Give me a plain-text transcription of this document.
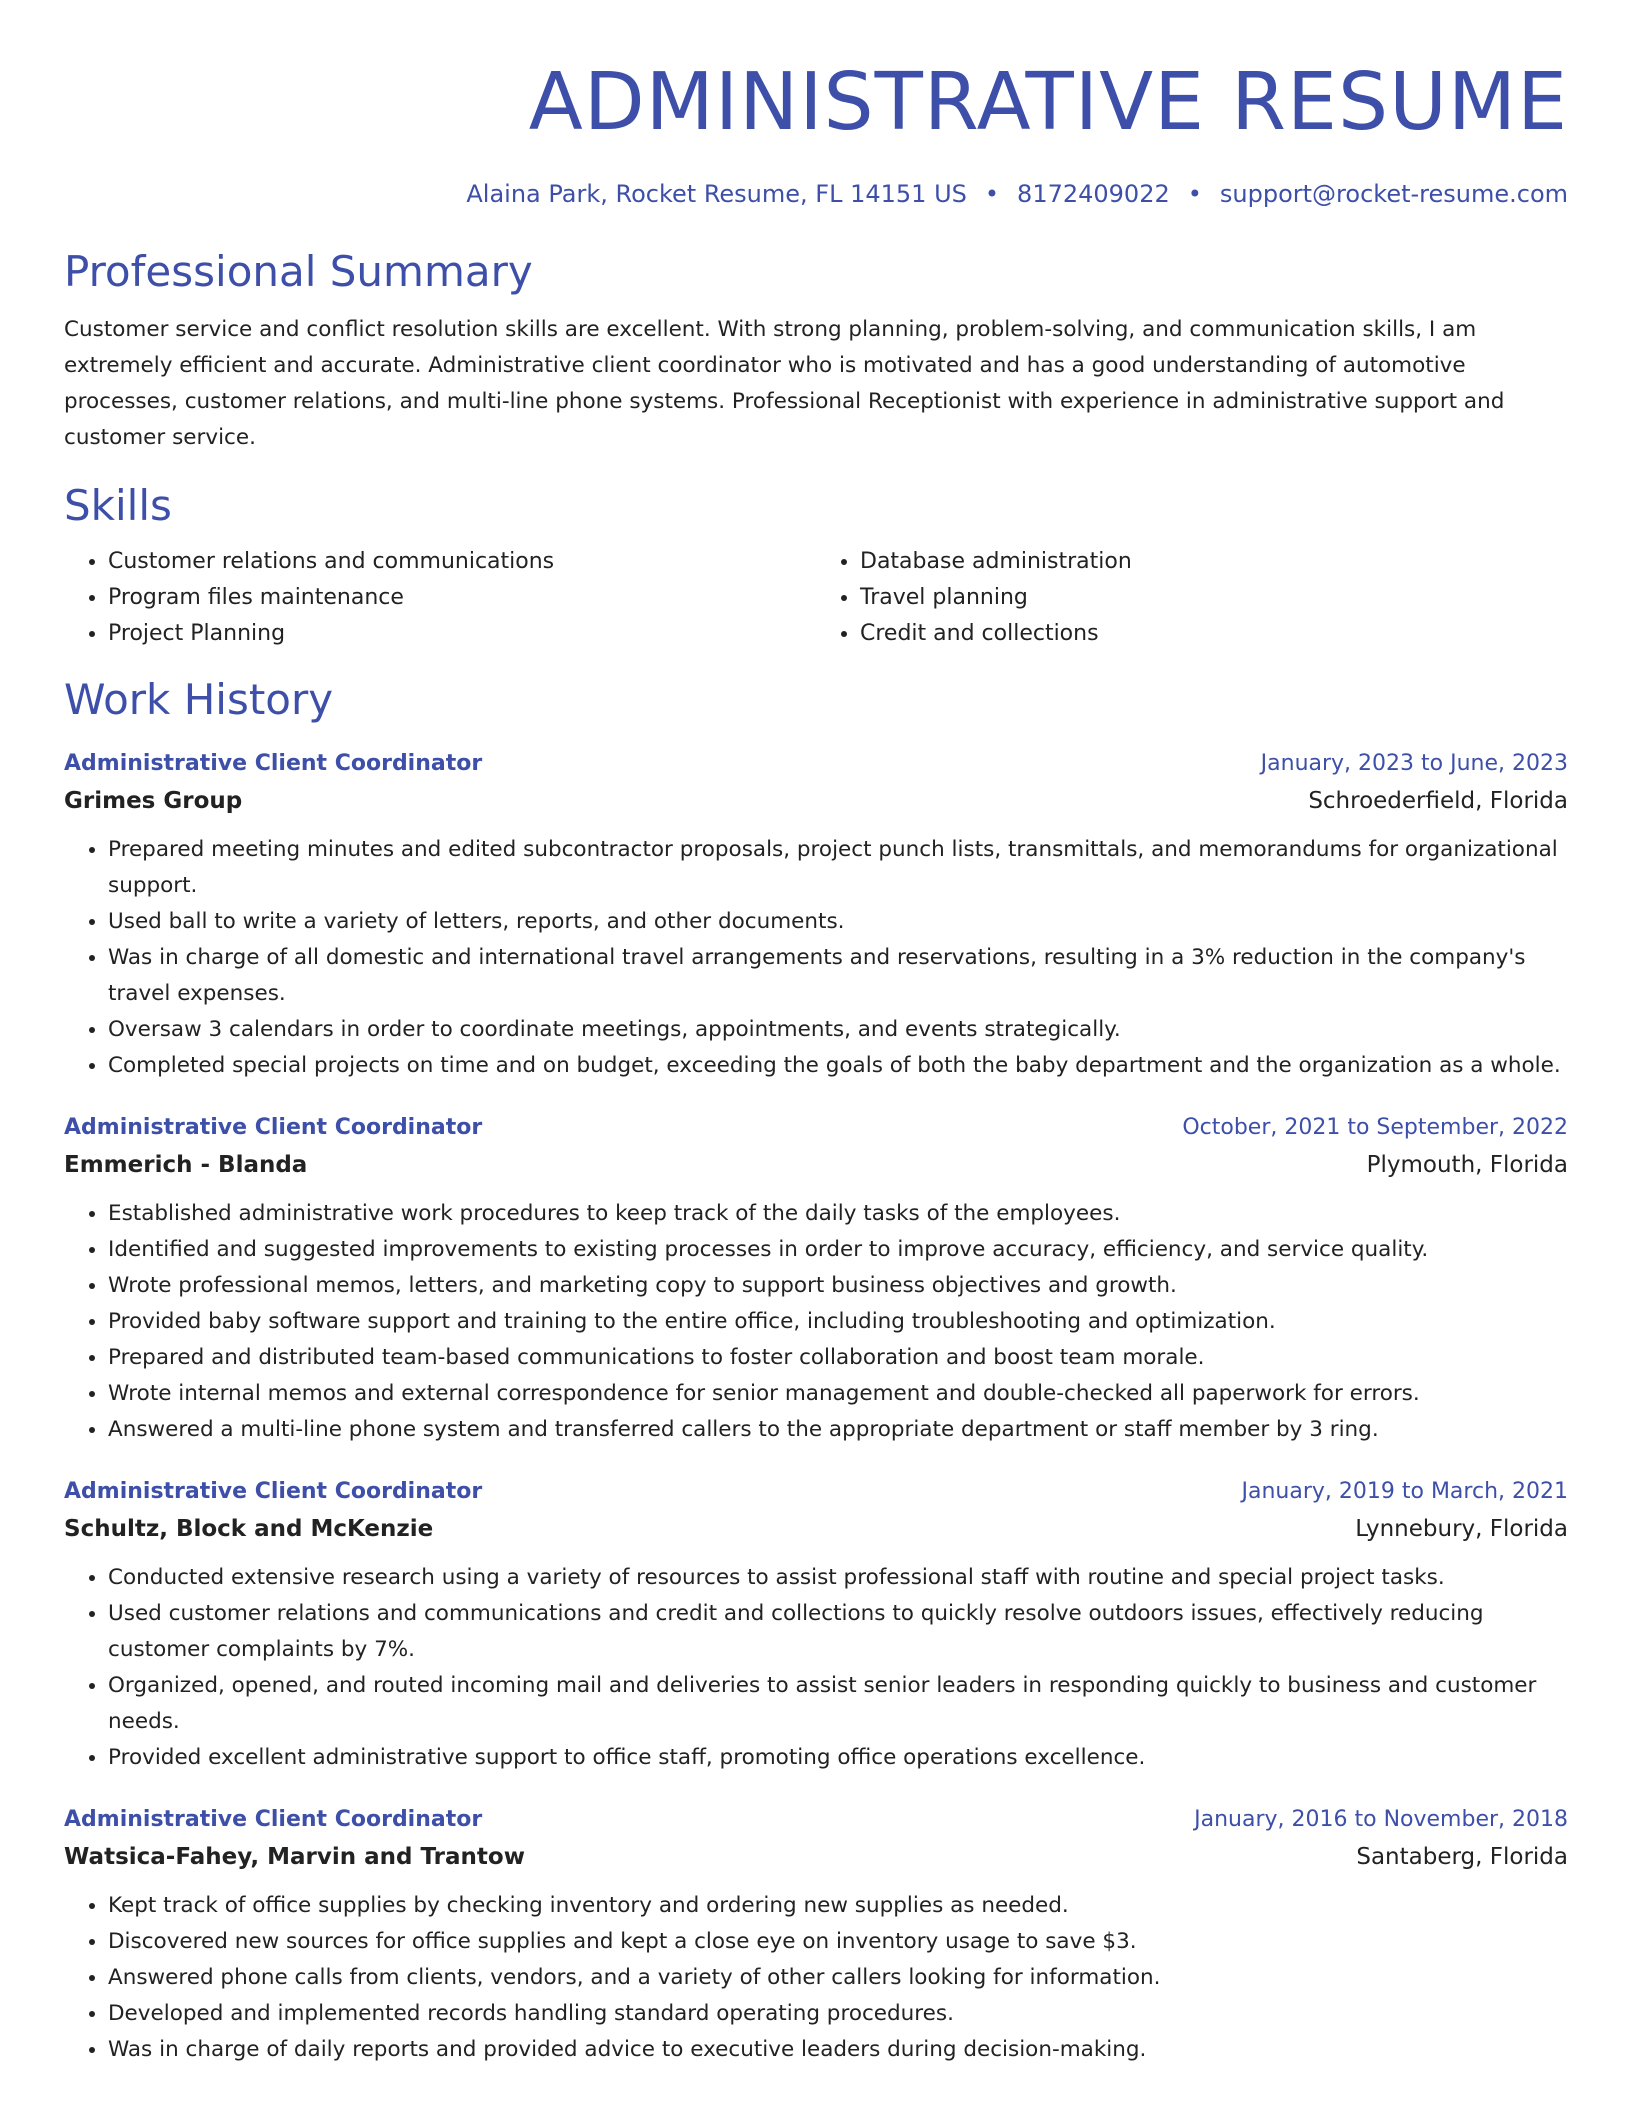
ADMINISTRATIVE RESUME
Alaina Park, Rocket Resume, FL 14151 US • 8172409022 • support@rocket-resume.com
Professional Summary

Customer service and conflict resolution skills are excellent. With strong planning, problem-solving, and communication skills, I am extremely efficient and accurate. Administrative client coordinator who is motivated and has a good understanding of automotive processes, customer relations, and multi-line phone systems. Professional Receptionist with experience in administrative support and customer service.

Skills
• Customer relations and communications
• Program files maintenance
• Project Planning
• Database administration
• Travel planning
• Credit and collections
Work History
Administrative Client Coordinator	January, 2023 to June, 2023
Grimes Group	Schroederfield, Florida
• Prepared meeting minutes and edited subcontractor proposals, project punch lists, transmittals, and memorandums for organizational support.
• Used ball to write a variety of letters, reports, and other documents.
• Was in charge of all domestic and international travel arrangements and reservations, resulting in a 3% reduction in the company's travel expenses.
• Oversaw 3 calendars in order to coordinate meetings, appointments, and events strategically.
• Completed special projects on time and on budget, exceeding the goals of both the baby department and the organization as a whole.
Administrative Client Coordinator	October, 2021 to September, 2022
Emmerich - Blanda	Plymouth, Florida
• Established administrative work procedures to keep track of the daily tasks of the employees.
• Identified and suggested improvements to existing processes in order to improve accuracy, efficiency, and service quality.
• Wrote professional memos, letters, and marketing copy to support business objectives and growth.
• Provided baby software support and training to the entire office, including troubleshooting and optimization.
• Prepared and distributed team-based communications to foster collaboration and boost team morale.
• Wrote internal memos and external correspondence for senior management and double-checked all paperwork for errors.
• Answered a multi-line phone system and transferred callers to the appropriate department or staff member by 3 ring.
Administrative Client Coordinator	January, 2019 to March, 2021
Schultz, Block and McKenzie	Lynnebury, Florida
• Conducted extensive research using a variety of resources to assist professional staff with routine and special project tasks.
• Used customer relations and communications and credit and collections to quickly resolve outdoors issues, effectively reducing customer complaints by 7%.
• Organized, opened, and routed incoming mail and deliveries to assist senior leaders in responding quickly to business and customer needs.
• Provided excellent administrative support to office staff, promoting office operations excellence.
Administrative Client Coordinator	January, 2016 to November, 2018
Watsica-Fahey, Marvin and Trantow	Santaberg, Florida
• Kept track of office supplies by checking inventory and ordering new supplies as needed.
• Discovered new sources for office supplies and kept a close eye on inventory usage to save $3.
• Answered phone calls from clients, vendors, and a variety of other callers looking for information.
• Developed and implemented records handling standard operating procedures.
• Was in charge of daily reports and provided advice to executive leaders during decision-making.
